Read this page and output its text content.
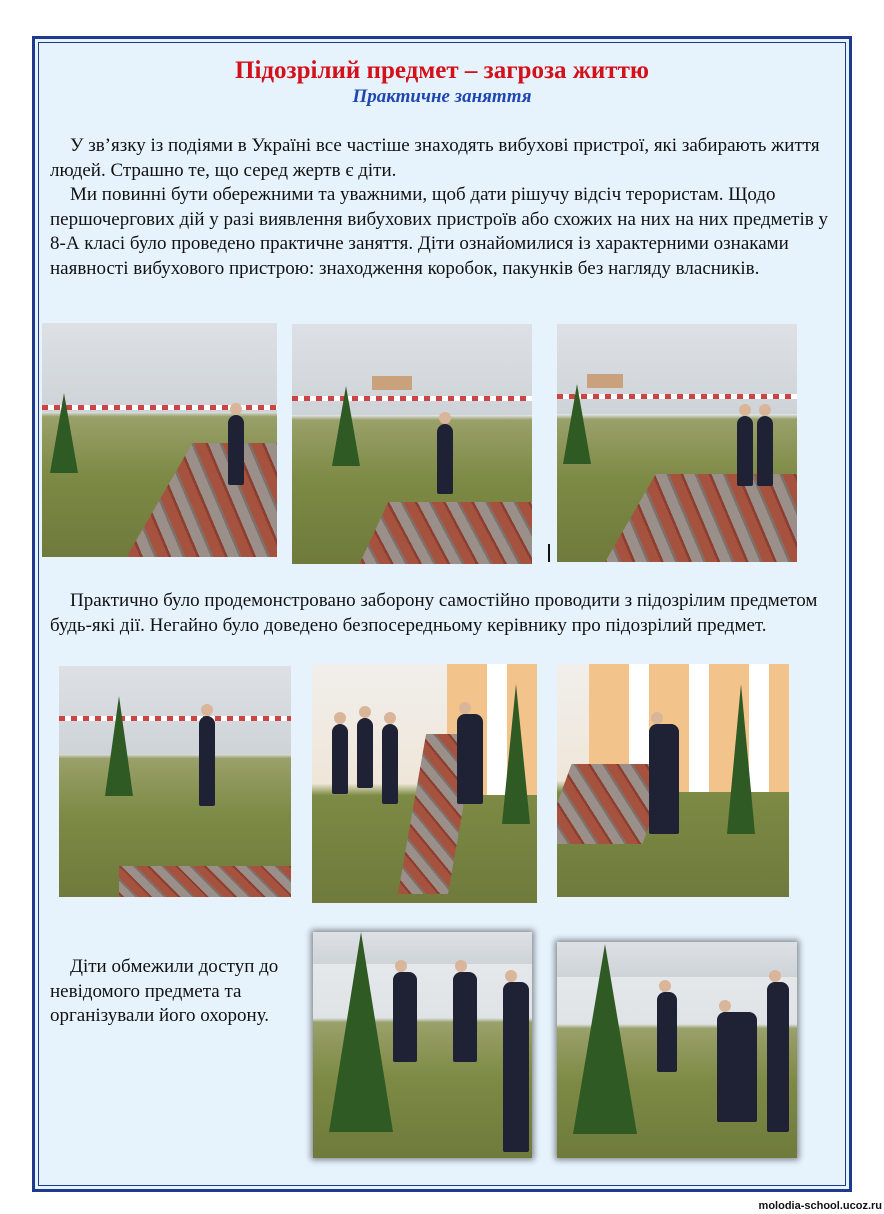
Підозрілий предмет – загроза життю
Практичне заняття

У зв’язку із подіями в Україні все частіше знаходять вибухові пристрої, які забирають життя людей. Страшно те, що серед жертв є діти.

Ми повинні бути обережними та уважними, щоб дати рішучу відсіч терористам. Щодо першочергових дій у разі виявлення вибухових пристроїв або схожих на них на них предметів у 8-А класі було проведено практичне заняття. Діти ознайомилися із характерними ознаками наявності вибухового пристрою: знаходження коробок, пакунків без нагляду власників.

Практично було продемонстровано заборону самостійно проводити з підозрілим предметом будь-які дії. Негайно було доведено безпосередньому керівнику про підозрілий предмет.

Діти обмежили доступ до невідомого предмета та організували його охорону.

molodia-school.ucoz.ru
